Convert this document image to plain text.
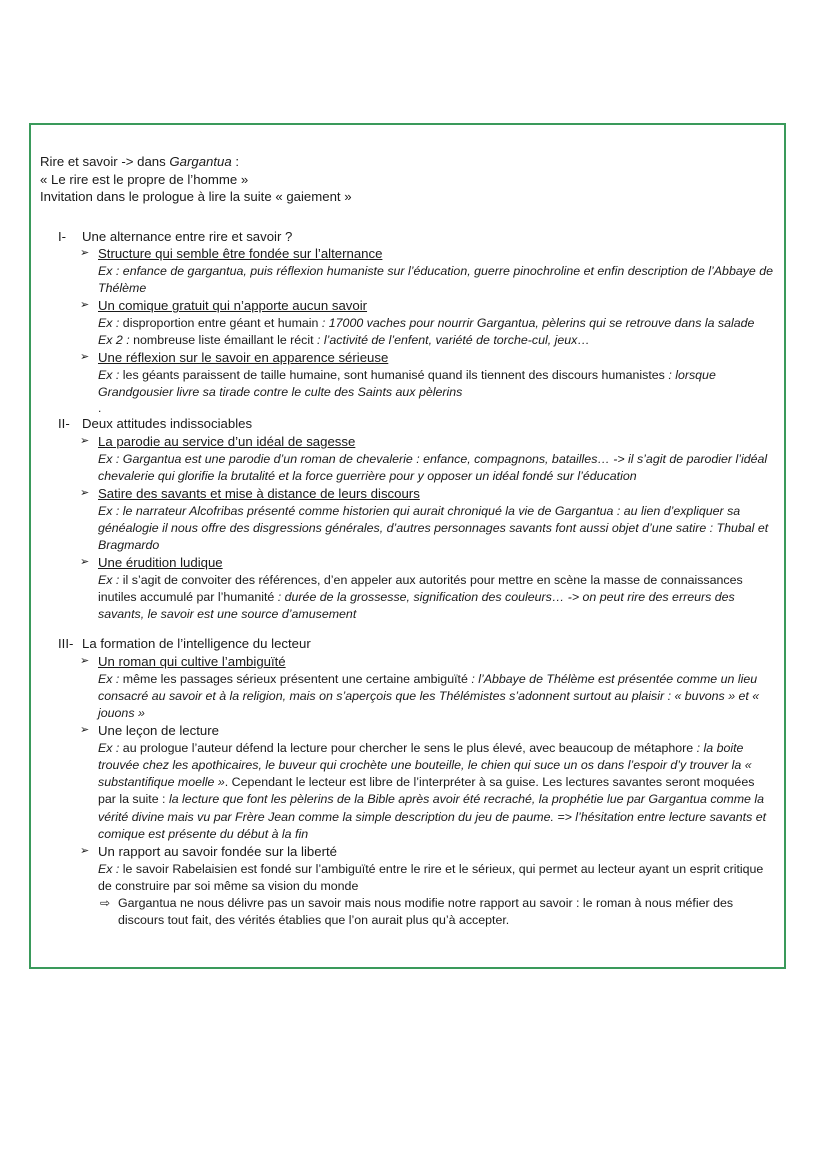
Rire et savoir -> dans Gargantua :
« Le rire est le propre de l’homme »
Invitation dans le prologue à lire la suite « gaiement »
I- Une alternance entre rire et savoir ?
➢ Structure qui semble être fondée sur l’alternance
Ex : enfance de gargantua, puis réflexion humaniste sur l’éducation, guerre pinochroline et enfin description de l’Abbaye de Thélème
➢ Un comique gratuit qui n’apporte aucun savoir
Ex : disproportion entre géant et humain : 17000 vaches pour nourrir Gargantua, pèlerins qui se retrouve dans la salade
Ex 2 : nombreuse liste émaillant le récit : l’activité de l’enfent, variété de torche-cul, jeux…
➢ Une réflexion sur le savoir en apparence sérieuse
Ex : les géants paraissent de taille humaine, sont humanisé quand ils tiennent des discours humanistes : lorsque Grandgousier livre sa tirade contre le culte des Saints aux pèlerins
.
II- Deux attitudes indissociables
➢ La parodie au service d’un idéal de sagesse
Ex : Gargantua est une parodie d’un roman de chevalerie : enfance, compagnons, batailles… -> il s’agit de parodier l’idéal chevalerie qui glorifie la brutalité et la force guerrière pour y opposer un idéal fondé sur l’éducation
➢ Satire des savants et mise à distance de leurs discours
Ex : le narrateur Alcofribas présenté comme historien qui aurait chroniqué la vie de Gargantua : au lien d’expliquer sa généalogie il nous offre des disgressions générales, d’autres personnages savants font aussi objet d’une satire : Thubal et Bragmardo
➢ Une érudition ludique
Ex : il s’agit de convoiter des références, d’en appeler aux autorités pour mettre en scène la masse de connaissances inutiles accumulé par l’humanité : durée de la grossesse, signification des couleurs… -> on peut rire des erreurs des savants, le savoir est une source d’amusement
III- La formation de l’intelligence du lecteur
➢ Un roman qui cultive l’ambiguïté
Ex : même les passages sérieux présentent une certaine ambiguïté : l’Abbaye de Thélème est présentée comme un lieu consacré au savoir et à la religion, mais on s’aperçois que les Thélémistes s’adonnent surtout au plaisir : « buvons » et « jouons »
➢ Une leçon de lecture
Ex : au prologue l’auteur défend la lecture pour chercher le sens le plus élevé, avec beaucoup de métaphore : la boite trouvée chez les apothicaires, le buveur qui crochète une bouteille, le chien qui suce un os dans l’espoir d’y trouver la « substantifique moelle ». Cependant le lecteur est libre de l’interpréter à sa guise. Les lectures savantes seront moquées par la suite : la lecture que font les pèlerins de la Bible après avoir été recraché, la prophétie lue par Gargantua comme la vérité divine mais vu par Frère Jean comme la simple description du jeu de paume. => l’hésitation entre lecture savants et comique est présente du début à la fin
➢ Un rapport au savoir fondée sur la liberté
Ex : le savoir Rabelaisien est fondé sur l’ambiguïté entre le rire et le sérieux, qui permet au lecteur ayant un esprit critique de construire par soi même sa vision du monde
⇨ Gargantua ne nous délivre pas un savoir mais nous modifie notre rapport au savoir : le roman à nous méfier des discours tout fait, des vérités établies que l’on aurait plus qu’à accepter.
